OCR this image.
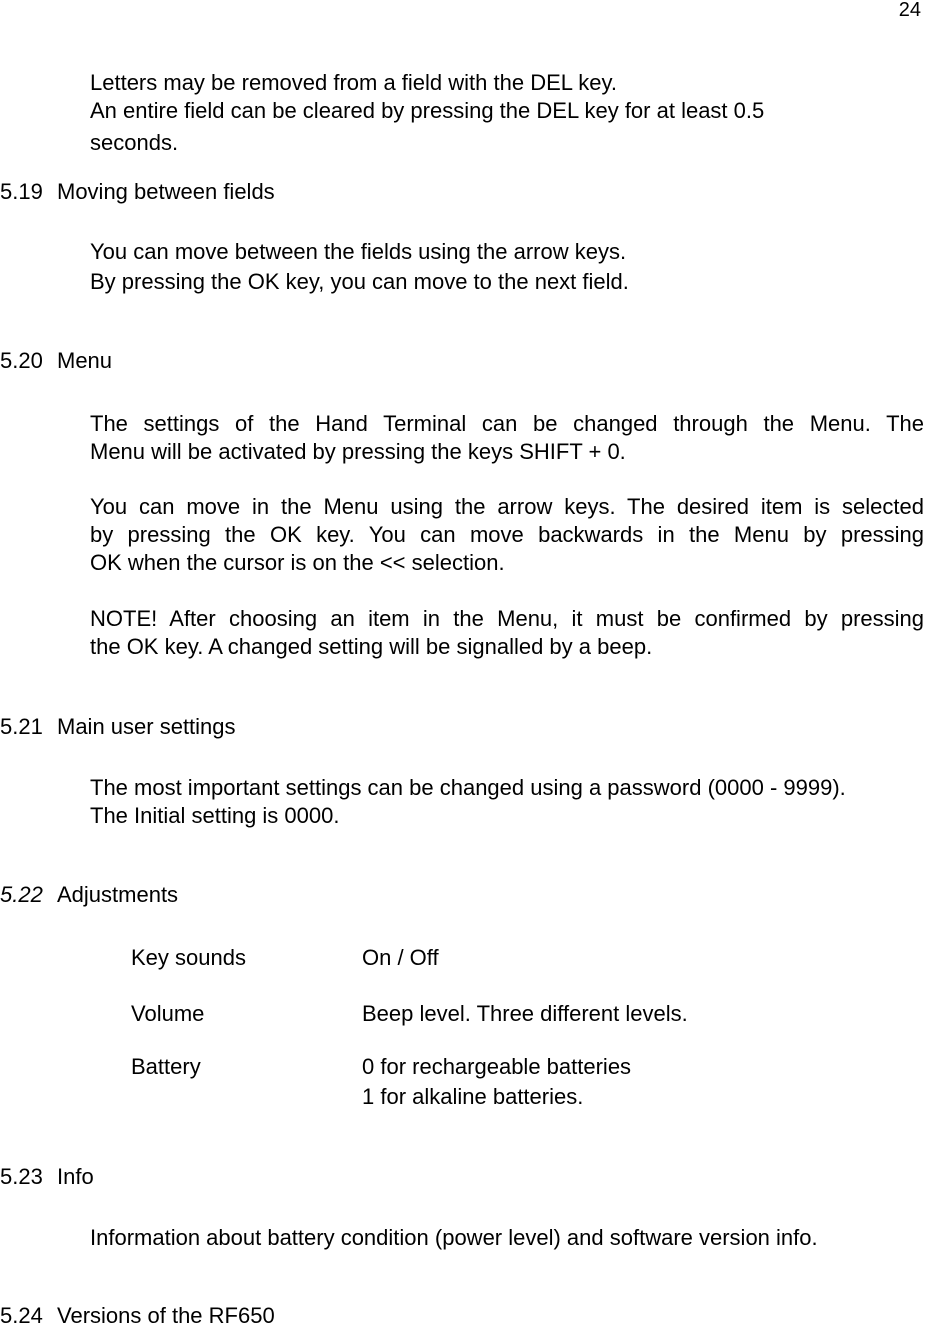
24
Letters may be removed from a field with the DEL key.
An entire field can be cleared by pressing the DEL key for at least 0.5
seconds.
5.19 Moving between fields
You can move between the fields using the arrow keys.
By pressing the OK key, you can move to the next field.
5.20 Menu
The settings of the Hand Terminal can be changed through the Menu. The
Menu will be activated by pressing the keys SHIFT + 0.
You can move in the Menu using the arrow keys. The desired item is selected
by pressing the OK key. You can move backwards in the Menu by pressing
OK when the cursor is on the << selection.
NOTE! After choosing an item in the Menu, it must be confirmed by pressing
the OK key. A changed setting will be signalled by a beep.
5.21 Main user settings
The most important settings can be changed using a password (0000 - 9999).
The Initial setting is 0000.
5.22 Adjustments
Key sounds	On / Off
Volume	Beep level. Three different levels.
Battery	0 for rechargeable batteries
1 for alkaline batteries.
5.23 Info
Information about battery condition (power level) and software version info.
5.24 Versions of the RF650
